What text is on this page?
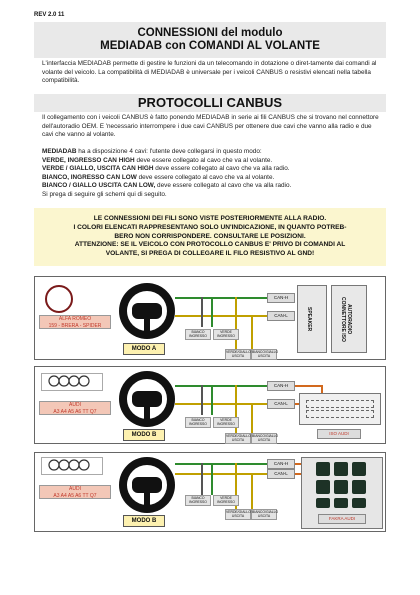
REV 2.0 11
CONNESSIONI del modulo
MEDIADAB con COMANDI AL VOLANTE
L'interfaccia MEDIADAB permette di gestire le funzioni da un telecomando in dotazione o diret-tamente dai comandi al volante del veicolo. La compatibilità di MEDIADAB è universale per i veicoli CANBUS o resistivi elencati nella tabella compatibilità.
PROTOCOLLI CANBUS
Il collegamento con i veicoli CANBUS è fatto ponendo MEDIADAB in serie ai fili CANBUS che si trovano nel connettore dell'autoradio OEM. E 'necessario interrompere i due cavi CANBUS per ottenere due cavi che vanno alla radio e due cavi che vanno al volante.
MEDIADAB ha a disposizione 4 cavi: l'utente deve collegarsi in questo modo:
VERDE, INGRESSO CAN HIGH deve essere collegato al cavo che va al volante.
VERDE / GIALLO, USCITA CAN HIGH deve essere collegato al cavo che va alla radio.
BIANCO, INGRESSO CAN LOW deve essere collegato al cavo che va al volante.
BIANCO / GIALLO USCITA CAN LOW, deve essere collegato al cavo che va alla radio.
Si prega di seguire gli schemi qui di seguito.
LE CONNESSIONI DEI FILI SONO VISTE POSTERIORMENTE ALLA RADIO.
I COLORI ELENCATI RAPPRESENTANO SOLO UN'INDICAZIONE, IN QUANTO POTREB-
BERO NON CORRISPONDERE. CONSULTARE LE POSIZIONI.
ATTENZIONE: SE IL VEICOLO CON PROTOCOLLO CANBUS E' PRIVO DI COMANDI AL
VOLANTE, SI PREGA DI COLLEGARE IL FILO RESISTIVO AL GND!
ALFA ROMEO
159 - BRERA - SPIDER
MODO A
CAN-H
CAN-L
BIANCO
INGRESSO
VERDE
INGRESSO
VERDE/GIALLO
USCITA
BIANCO/GIALLO
USCITA
SPEAKER	AUTORADIO
CONNETTORE ISO
AUDI
A3 A4 A5 A6 TT Q7
MODO B
CAN-H
CAN-L
BIANCO
INGRESSO
VERDE
INGRESSO
VERDE/GIALLO
USCITA
BIANCO/GIALLO
USCITA
ISO AUDI
AUDI
A3 A4 A5 A6 TT Q7
MODO B
CAN-H
CAN-L
BIANCO
INGRESSO
VERDE
INGRESSO
VERDE/GIALLO
USCITA
BIANCO/GIALLO
USCITA	FAKRA AUDI
